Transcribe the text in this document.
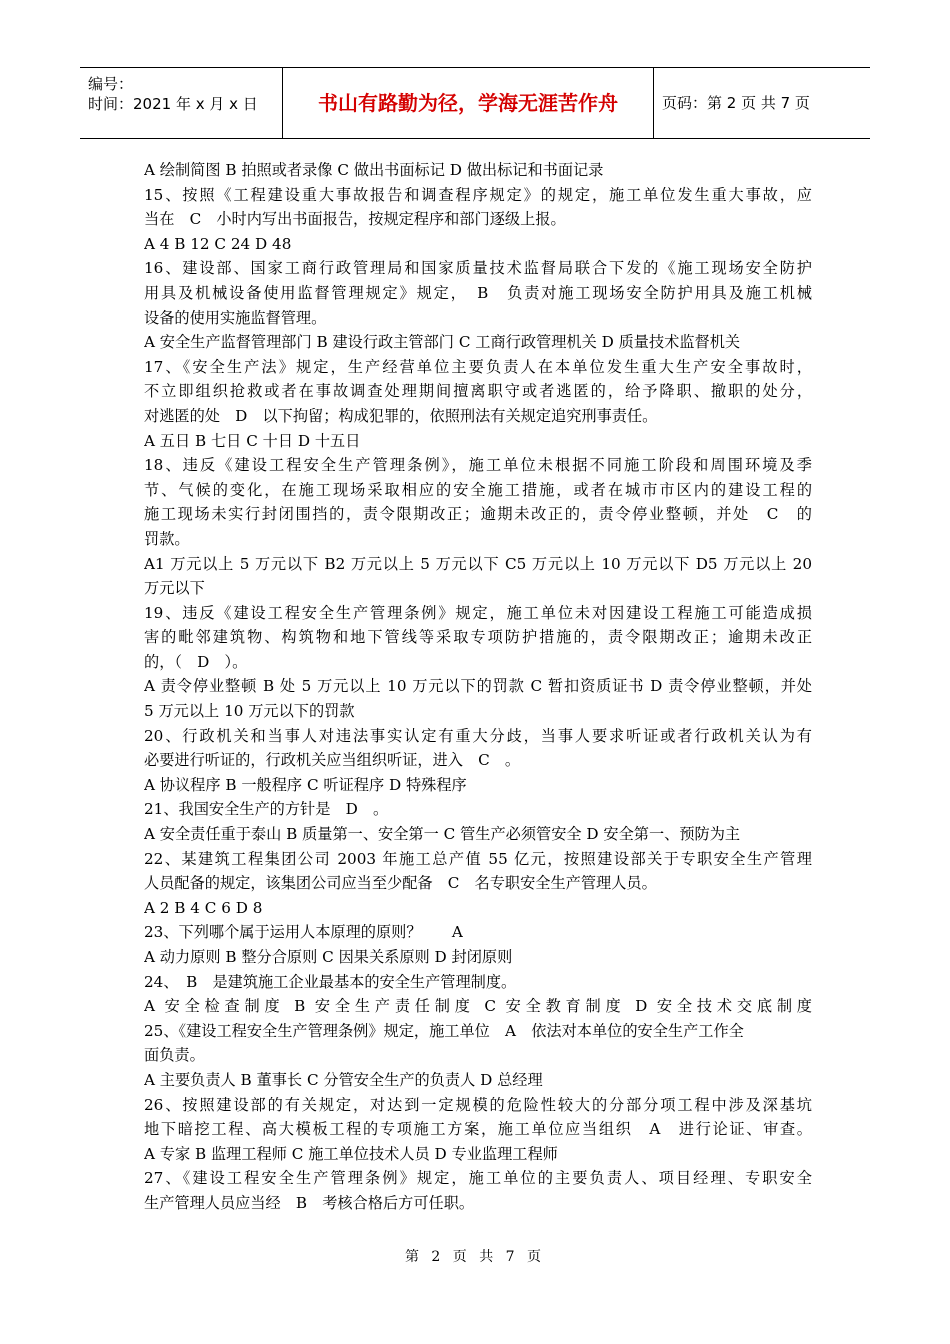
编号：
时间：2021 年 x 月 x 日	书山有路勤为径，学海无涯苦作舟	页码：第 2 页 共 7 页
A 绘制简图 B 拍照或者录像 C 做出书面标记 D 做出标记和书面记录
15、按照《工程建设重大事故报告和调查程序规定》的规定，施工单位发生重大事故，应
当在　C　小时内写出书面报告，按规定程序和部门逐级上报。
A 4 B 12 C 24 D 48
16、建设部、国家工商行政管理局和国家质量技术监督局联合下发的《施工现场安全防护
用具及机械设备使用监督管理规定》规定，　B　负责对施工现场安全防护用具及施工机械
设备的使用实施监督管理。
A 安全生产监督管理部门 B 建设行政主管部门 C 工商行政管理机关 D 质量技术监督机关
17、《安全生产法》规定，生产经营单位主要负责人在本单位发生重大生产安全事故时，
不立即组织抢救或者在事故调查处理期间擅离职守或者逃匿的，给予降职、撤职的处分，
对逃匿的处　D　以下拘留；构成犯罪的，依照刑法有关规定追究刑事责任。
A 五日 B 七日 C 十日 D 十五日
18、违反《建设工程安全生产管理条例》，施工单位未根据不同施工阶段和周围环境及季
节、气候的变化，在施工现场采取相应的安全施工措施，或者在城市市区内的建设工程的
施工现场未实行封闭围挡的，责令限期改正；逾期未改正的，责令停业整顿，并处　C　的
罚款。
A1 万元以上 5 万元以下 B2 万元以上 5 万元以下 C5 万元以上 10 万元以下 D5 万元以上 20
万元以下
19、违反《建设工程安全生产管理条例》规定，施工单位未对因建设工程施工可能造成损
害的毗邻建筑物、构筑物和地下管线等采取专项防护措施的，责令限期改正；逾期未改正
的，（　D　）。
A 责令停业整顿 B 处 5 万元以上 10 万元以下的罚款 C 暂扣资质证书 D 责令停业整顿，并处
5 万元以上 10 万元以下的罚款
20、行政机关和当事人对违法事实认定有重大分歧，当事人要求听证或者行政机关认为有
必要进行听证的，行政机关应当组织听证，进入　C　。
A 协议程序 B 一般程序 C 听证程序 D 特殊程序
21、我国安全生产的方针是　D　。
A 安全责任重于泰山 B 质量第一、安全第一 C 管生产必须管安全 D 安全第一、预防为主
22、某建筑工程集团公司 2003 年施工总产值 55 亿元，按照建设部关于专职安全生产管理
人员配备的规定，该集团公司应当至少配备　C　名专职安全生产管理人员。
A 2 B 4 C 6 D 8
23、下列哪个属于运用人本原理的原则？　　A
A 动力原则 B 整分合原则 C 因果关系原则 D 封闭原则
24、　B　是建筑施工企业最基本的安全生产管理制度。
A 安全检查制度 B 安全生产责任制度 C 安全教育制度 D 安全技术交底制度
25、《建设工程安全生产管理条例》规定，施工单位　A　依法对本单位的安全生产工作全
面负责。
A 主要负责人 B 董事长 C 分管安全生产的负责人 D 总经理
26、按照建设部的有关规定，对达到一定规模的危险性较大的分部分项工程中涉及深基坑
地下暗挖工程、高大模板工程的专项施工方案，施工单位应当组织　A　进行论证、审查。
A 专家 B 监理工程师 C 施工单位技术人员 D 专业监理工程师
27、《建设工程安全生产管理条例》规定，施工单位的主要负责人、项目经理、专职安全
生产管理人员应当经　B　考核合格后方可任职。
第 2 页 共 7 页
